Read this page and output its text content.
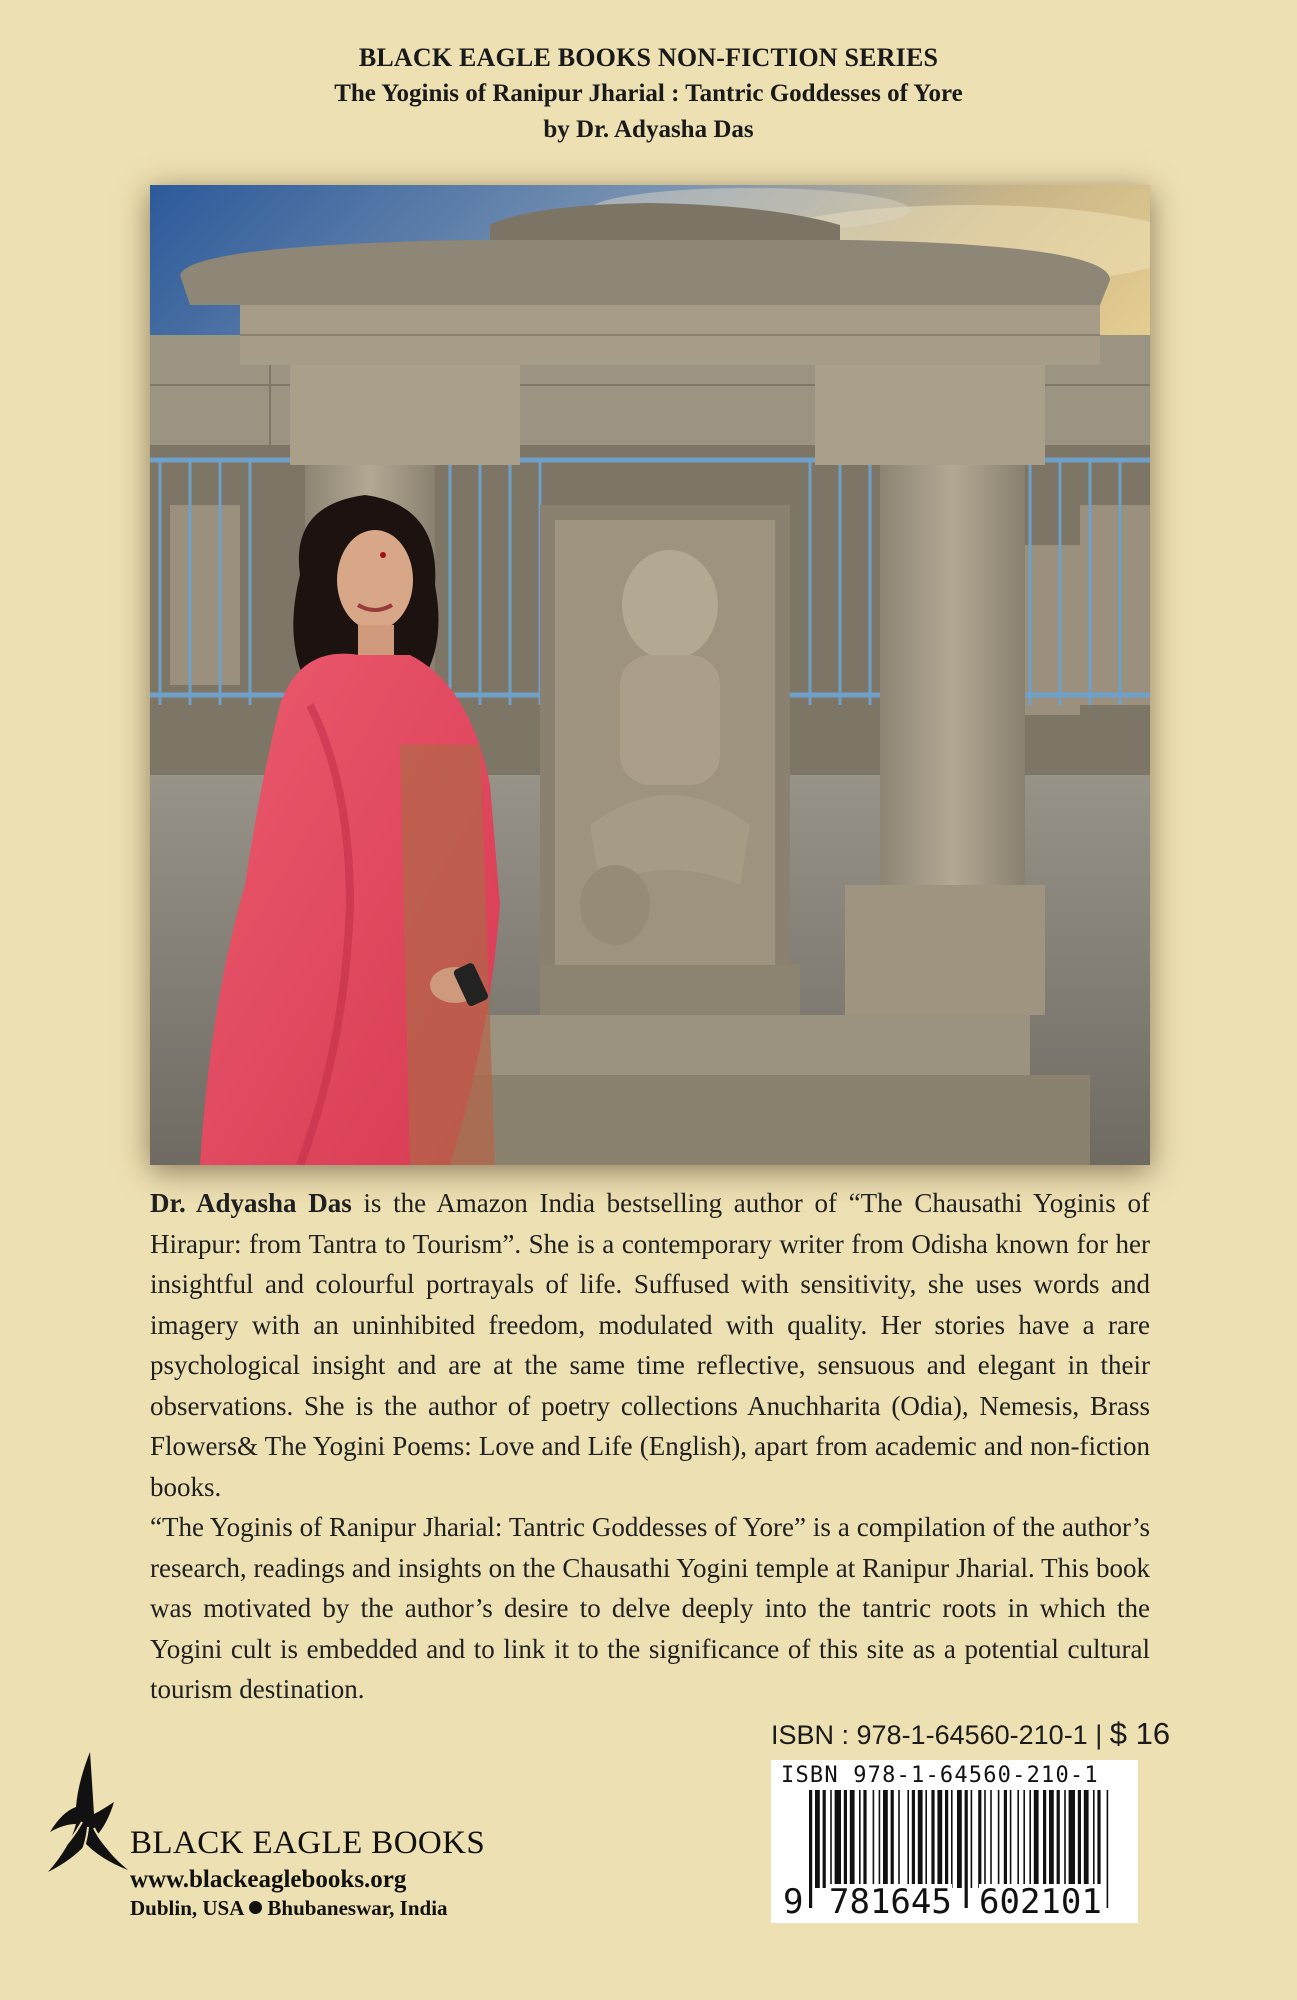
BLACK EAGLE BOOKS NON-FICTION SERIES
The Yoginis of Ranipur Jharial : Tantric Goddesses of Yore
by Dr. Adyasha Das

Dr. Adyasha Das is the Amazon India bestselling author of “The Chausathi Yoginis of Hirapur: from Tantra to Tourism”. She is a contemporary writer from Odisha known for her insightful and colourful portrayals of life. Suffused with sensitivity, she uses words and imagery with an uninhibited freedom, modulated with quality. Her stories have a rare psychological insight and are at the same time reflective, sensuous and elegant in their observations. She is the author of poetry collections Anuchharita (Odia), Nemesis, Brass Flowers& The Yogini Poems: Love and Life (English), apart from academic and non-fiction books.

“The Yoginis of Ranipur Jharial: Tantric Goddesses of Yore” is a compilation of the author’s research, readings and insights on the Chausathi Yogini temple at Ranipur Jharial. This book was motivated by the author’s desire to delve deeply into the tantric roots in which the Yogini cult is embedded and to link it to the significance of this site as a potential cultural tourism destination.

ISBN : 978-1-64560-210-1 | $ 16
ISBN 978-1-64560-210-1
9 781645 602101
BLACK EAGLE BOOKS
www.blackeaglebooks.org
Dublin, USA Bhubaneswar, India
